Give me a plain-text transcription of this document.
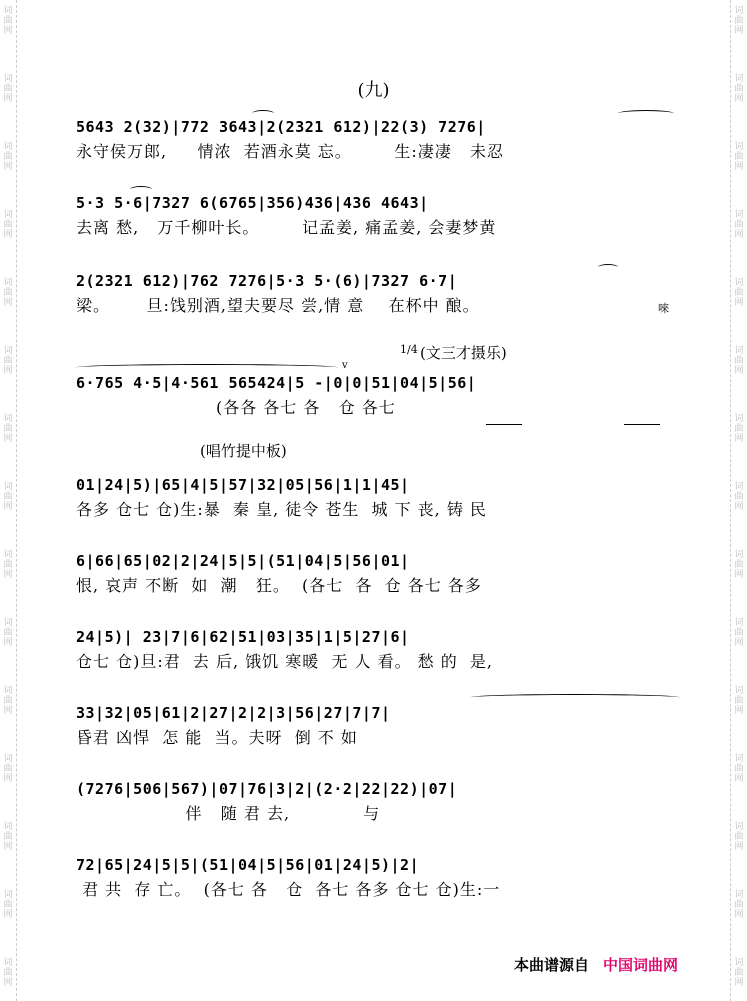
词曲网
词曲网
词曲网
词曲网
词曲网
词曲网
词曲网
词曲网
词曲网
词曲网
词曲网
词曲网
词曲网
词曲网
词曲网
词曲网
词曲网
词曲网
词曲网
词曲网
词曲网
词曲网
词曲网
词曲网
词曲网
词曲网
词曲网
词曲网
词曲网
词曲网
(九)
5643 2(32)|772 3643|2(2321 612)|22(3) 7276|
永守侯万郎,     情浓  若酒永莫 忘。       生:凄凄   未忍
5·3 5·6|7327 6(6765|356)436|436 4643|
去离 愁,   万千柳叶长。       记孟姜, 痛孟姜, 会妻梦黄
2(2321 612)|762 7276|5·3 5·(6)|7327 6·7|
梁。      旦:饯别酒,望夫要尽 尝,情 意    在杯中 酿。	唻
(文三才摄乐)
1/4
v
6·765 4·5|4·561 565424|5 -|0|0|51|04|5|56|
(各各 各七 各   仓 各七
(唱竹提中板)
01|24|5)|65|4|5|57|32|05|56|1|1|45|
各多 仓七 仓)生:暴  秦 皇, 徒令 苍生  城 下 丧, 铸 民
6|66|65|02|2|24|5|5|(51|04|5|56|01|
恨, 哀声 不断  如  潮   狂。  (各七  各  仓 各七 各多
24|5)| 23|7|6|62|51|03|35|1|5|27|6|
仓七 仓)旦:君  去 后, 饿饥 寒暖  无 人 看。 愁 的  是,
33|32|05|61|2|27|2|2|3|56|27|7|7|
昏君 凶悍  怎 能  当。夫呀  倒 不 如
(7276|506|567)|07|76|3|2|(2·2|22|22)|07|
伴   随 君 去,            与
72|65|24|5|5|(51|04|5|56|01|24|5)|2|
君 共  存 亡。  (各七 各   仓  各七 各多 仓七 仓)生:一
本曲谱源自 中国词曲网
